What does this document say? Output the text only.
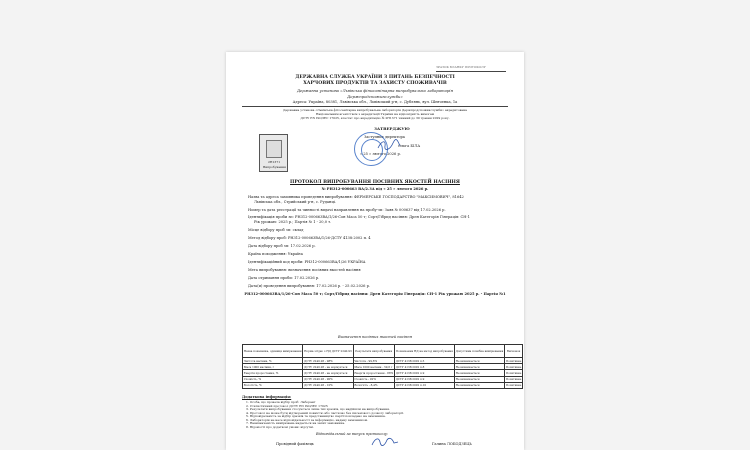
ЗРАЗОК БЛАНКУ ПРОТОКОЛУ
ДЕРЖАВНА СЛУЖБА УКРАЇНИ З ПИТАНЬ БЕЗПЕЧНОСТІ
ХАРЧОВИХ ПРОДУКТІВ ТА ЗАХИСТУ СПОЖИВАЧІВ
Державна установа «Львівська фітосанітарна випробувальна лабораторія
Держпродспоживслужби»
Адреса: Україна, 80381, Львівська обл., Львівський р-н, с. Дублянь, вул. Шевченка, 1а
Державна установа «Львівська фітосанітарна випробувальна лабораторія Держпродспоживслужби» акредитована
Національним агентством з акредитації України на відповідність вимогам
ДСТУ EN ISO/IEC 17025, атестат про акредитацію № 2H1371 чинний до 30 травня 2029 року.
ЗАТВЕРДЖУЮ
Заступник директора
Ольга БІЛА
« 25 » лютого 2026 р.
2H1371
Випробування
ПРОТОКОЛ ВИПРОБУВАННЯ ПОСІВНИХ ЯКОСТЕЙ НАСІННЯ
№ PH312-000663 ВА/2.ЗА від « 25 » лютого 2026 р.
Назва та адреса замовника проведення випробування: ФЕРМЕРСЬКЕ ГОСПОДАРСТВО "МАКСИМОВИЧ", 81642
Львівська обл., Стрийський р-н, с. Руданці.
Номер та дата реєстрації та чинності видачі направлення на пробу-зп: Заяв № 000637 від 17.02.2026 р.
Ідентифікація проби зп: РН312-000663ВА/1/26-Сон Маса 50 т; Сорт/Гібрид насіння: Дрен Категорія Гінерація: СН-1
Рік урожаю: 2025 р.; Партія № 1 - 20,0 т.
Місце відбору проб зп: склад
Метод відбору проб: РН312-000663ВА/1/26-ДСТУ 4138:2002 п. 4
Дата відбору проб зп: 17.02.2026 р.
Країна походження: Україна
Ідентифікаційний код проби: РН312-000663ВА/1/26 УКРАЇНА
Мета випробування: визначення посівних якостей насіння
Дата отримання проби: 17.02.2026 р.
Дата(и) проведення випробування: 17.02.2026 р. - 25.02.2026 р.
РН312-000663ВА/1/26-Сон Маса 50 т; Сорт/Гібрид насіння: Дрен Категорія Гінерація: СН-1 Рік урожаю 2025 р. - Партія №1
Визначення посівних якостей насіння
Назва показника, одиниця вимірювання	Норма згідно з НД ДСТУ 2240-93	Результати випробування	Позначення НД на метод випробування	Допустима похибка вимірювання	Висновок
Чистота насіння, %	ДСТУ 2240-93 - 98%	Чистота - 99,6%	ДСТУ 4138:2002 п.5	Не визначається	Позитивне
Маса 1000 насінин, г	ДСТУ 2240-93 - не нормується	Маса 1000 насінин - 59,6 г	ДСТУ 4138:2002 п.8	Не визначається	Позитивне
Енергія проростання, %	ДСТУ 2240-93 - не нормується	Енергія проростання - 88%	ДСТУ 4138:2002 п.9	Не визначається	Позитивне
Схожість, %	ДСТУ 2240-93 - 90%	Схожість - 92%	ДСТУ 4138:2002 п.9	Не визначається	Позитивне
Вологість, %	ДСТУ 2240-93 - 10%	Вологість - 8,4%	ДСТУ 4138:2002 п.10	Не визначається	Позитивне
Додаткова інформація:
1. Особа, що провела відбір проб: Лаборант
2. Статистичний протокол ДСТУ EN ISO/IEC 17025
3. Результати випробування стосуються лише тих зразків, що надійшли на випробування.
4. Протокол не може бути відтворений повністю або частково без письмового дозволу лабораторії.
5. Відповідальність за відбір зразків та представництво партії покладено на замовника.
6. Лабораторія не несе відповідальності за інформацію, надану замовником.
7. Невизначеність вимірювань надається на запит замовника.
8. Відомості про додаткові умови: відсутні.
Відповідальний за випуск протоколу:
Провідний фахівець	Галина ЛОБОДЗЕЦЬ
